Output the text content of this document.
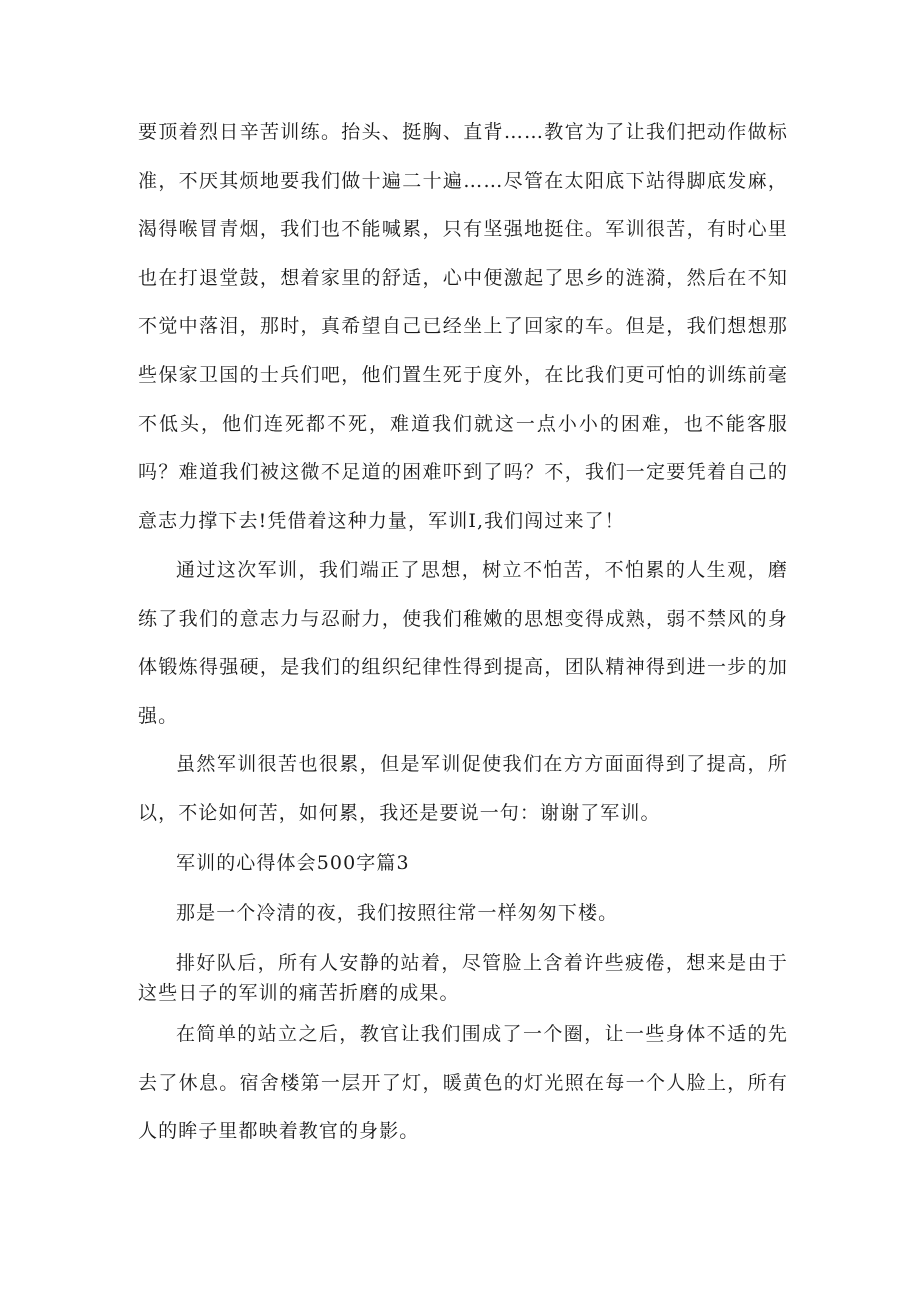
要顶着烈日辛苦训练。抬头、挺胸、直背……教官为了让我们把动作做标准，不厌其烦地要我们做十遍二十遍……尽管在太阳底下站得脚底发麻，渴得喉冒青烟，我们也不能喊累，只有坚强地挺住。军训很苦，有时心里也在打退堂鼓，想着家里的舒适，心中便激起了思乡的涟漪，然后在不知不觉中落泪，那时，真希望自己已经坐上了回家的车。但是，我们想想那些保家卫国的士兵们吧，他们置生死于度外，在比我们更可怕的训练前毫不低头，他们连死都不死，难道我们就这一点小小的困难，也不能客服吗？难道我们被这微不足道的困难吓到了吗？不，我们一定要凭着自己的意志力撑下去!凭借着这种力量，军训I,我们闯过来了！

通过这次军训，我们端正了思想，树立不怕苦，不怕累的人生观，磨练了我们的意志力与忍耐力，使我们稚嫩的思想变得成熟，弱不禁风的身体锻炼得强硬，是我们的组织纪律性得到提高，团队精神得到进一步的加强。

虽然军训很苦也很累，但是军训促使我们在方方面面得到了提高，所以，不论如何苦，如何累，我还是要说一句：谢谢了军训。

军训的心得体会500字篇3

那是一个冷清的夜，我们按照往常一样匆匆下楼。

排好队后，所有人安静的站着，尽管脸上含着许些疲倦，想来是由于这些日子的军训的痛苦折磨的成果。

在简单的站立之后，教官让我们围成了一个圈，让一些身体不适的先去了休息。宿舍楼第一层开了灯，暖黄色的灯光照在每一个人脸上，所有人的眸子里都映着教官的身影。
